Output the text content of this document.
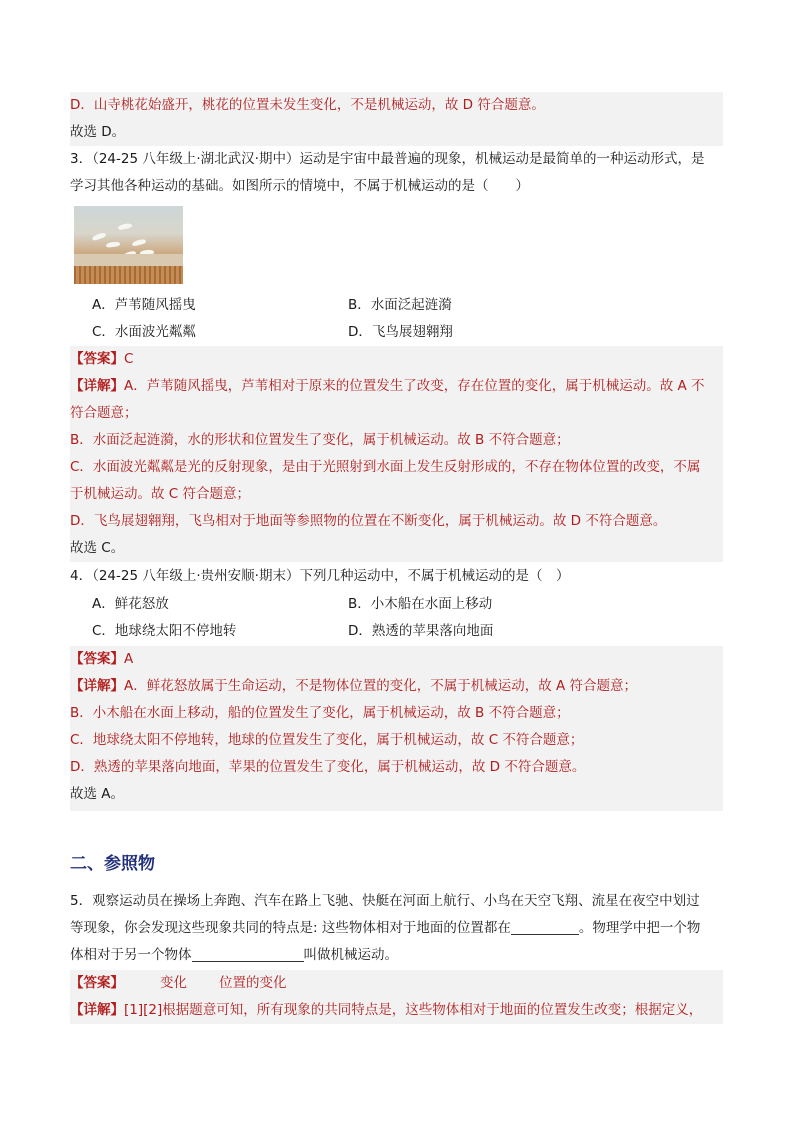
D．山寺桃花始盛开，桃花的位置未发生变化，不是机械运动，故 D 符合题意。
故选 D。
3．（24-25 八年级上·湖北武汉·期中）运动是宇宙中最普遍的现象，机械运动是最简单的一种运动形式，是
学习其他各种运动的基础。如图所示的情境中，不属于机械运动的是（　　）
A．芦苇随风摇曳	B．水面泛起涟漪
C．水面波光粼粼	D．飞鸟展翅翱翔
【答案】C
【详解】A．芦苇随风摇曳，芦苇相对于原来的位置发生了改变，存在位置的变化，属于机械运动。故 A 不
符合题意；
B．水面泛起涟漪，水的形状和位置发生了变化，属于机械运动。故 B 不符合题意；
C．水面波光粼粼是光的反射现象，是由于光照射到水面上发生反射形成的，不存在物体位置的改变，不属
于机械运动。故 C 符合题意；
D．飞鸟展翅翱翔，飞鸟相对于地面等参照物的位置在不断变化，属于机械运动。故 D 不符合题意。
故选 C。
4．（24-25 八年级上·贵州安顺·期末）下列几种运动中，不属于机械运动的是（　）
A．鲜花怒放	B．小木船在水面上移动
C．地球绕太阳不停地转	D．熟透的苹果落向地面
【答案】A
【详解】A．鲜花怒放属于生命运动，不是物体位置的变化，不属于机械运动，故 A 符合题意；
B．小木船在水面上移动，船的位置发生了变化，属于机械运动，故 B 不符合题意；
C．地球绕太阳不停地转，地球的位置发生了变化，属于机械运动，故 C 不符合题意；
D．熟透的苹果落向地面，苹果的位置发生了变化，属于机械运动，故 D 不符合题意。
故选 A。
二、参照物
5．观察运动员在操场上奔跑、汽车在路上飞驰、快艇在河面上航行、小鸟在天空飞翔、流星在夜空中划过
等现象，你会发现这些现象共同的特点是: 这些物体相对于地面的位置都在	。物理学中把一个物
体相对于另一个物体	叫做机械运动。
【答案】	变化 位置的变化
【详解】[1][2]根据题意可知，所有现象的共同特点是，这些物体相对于地面的位置发生改变；根据定义，
